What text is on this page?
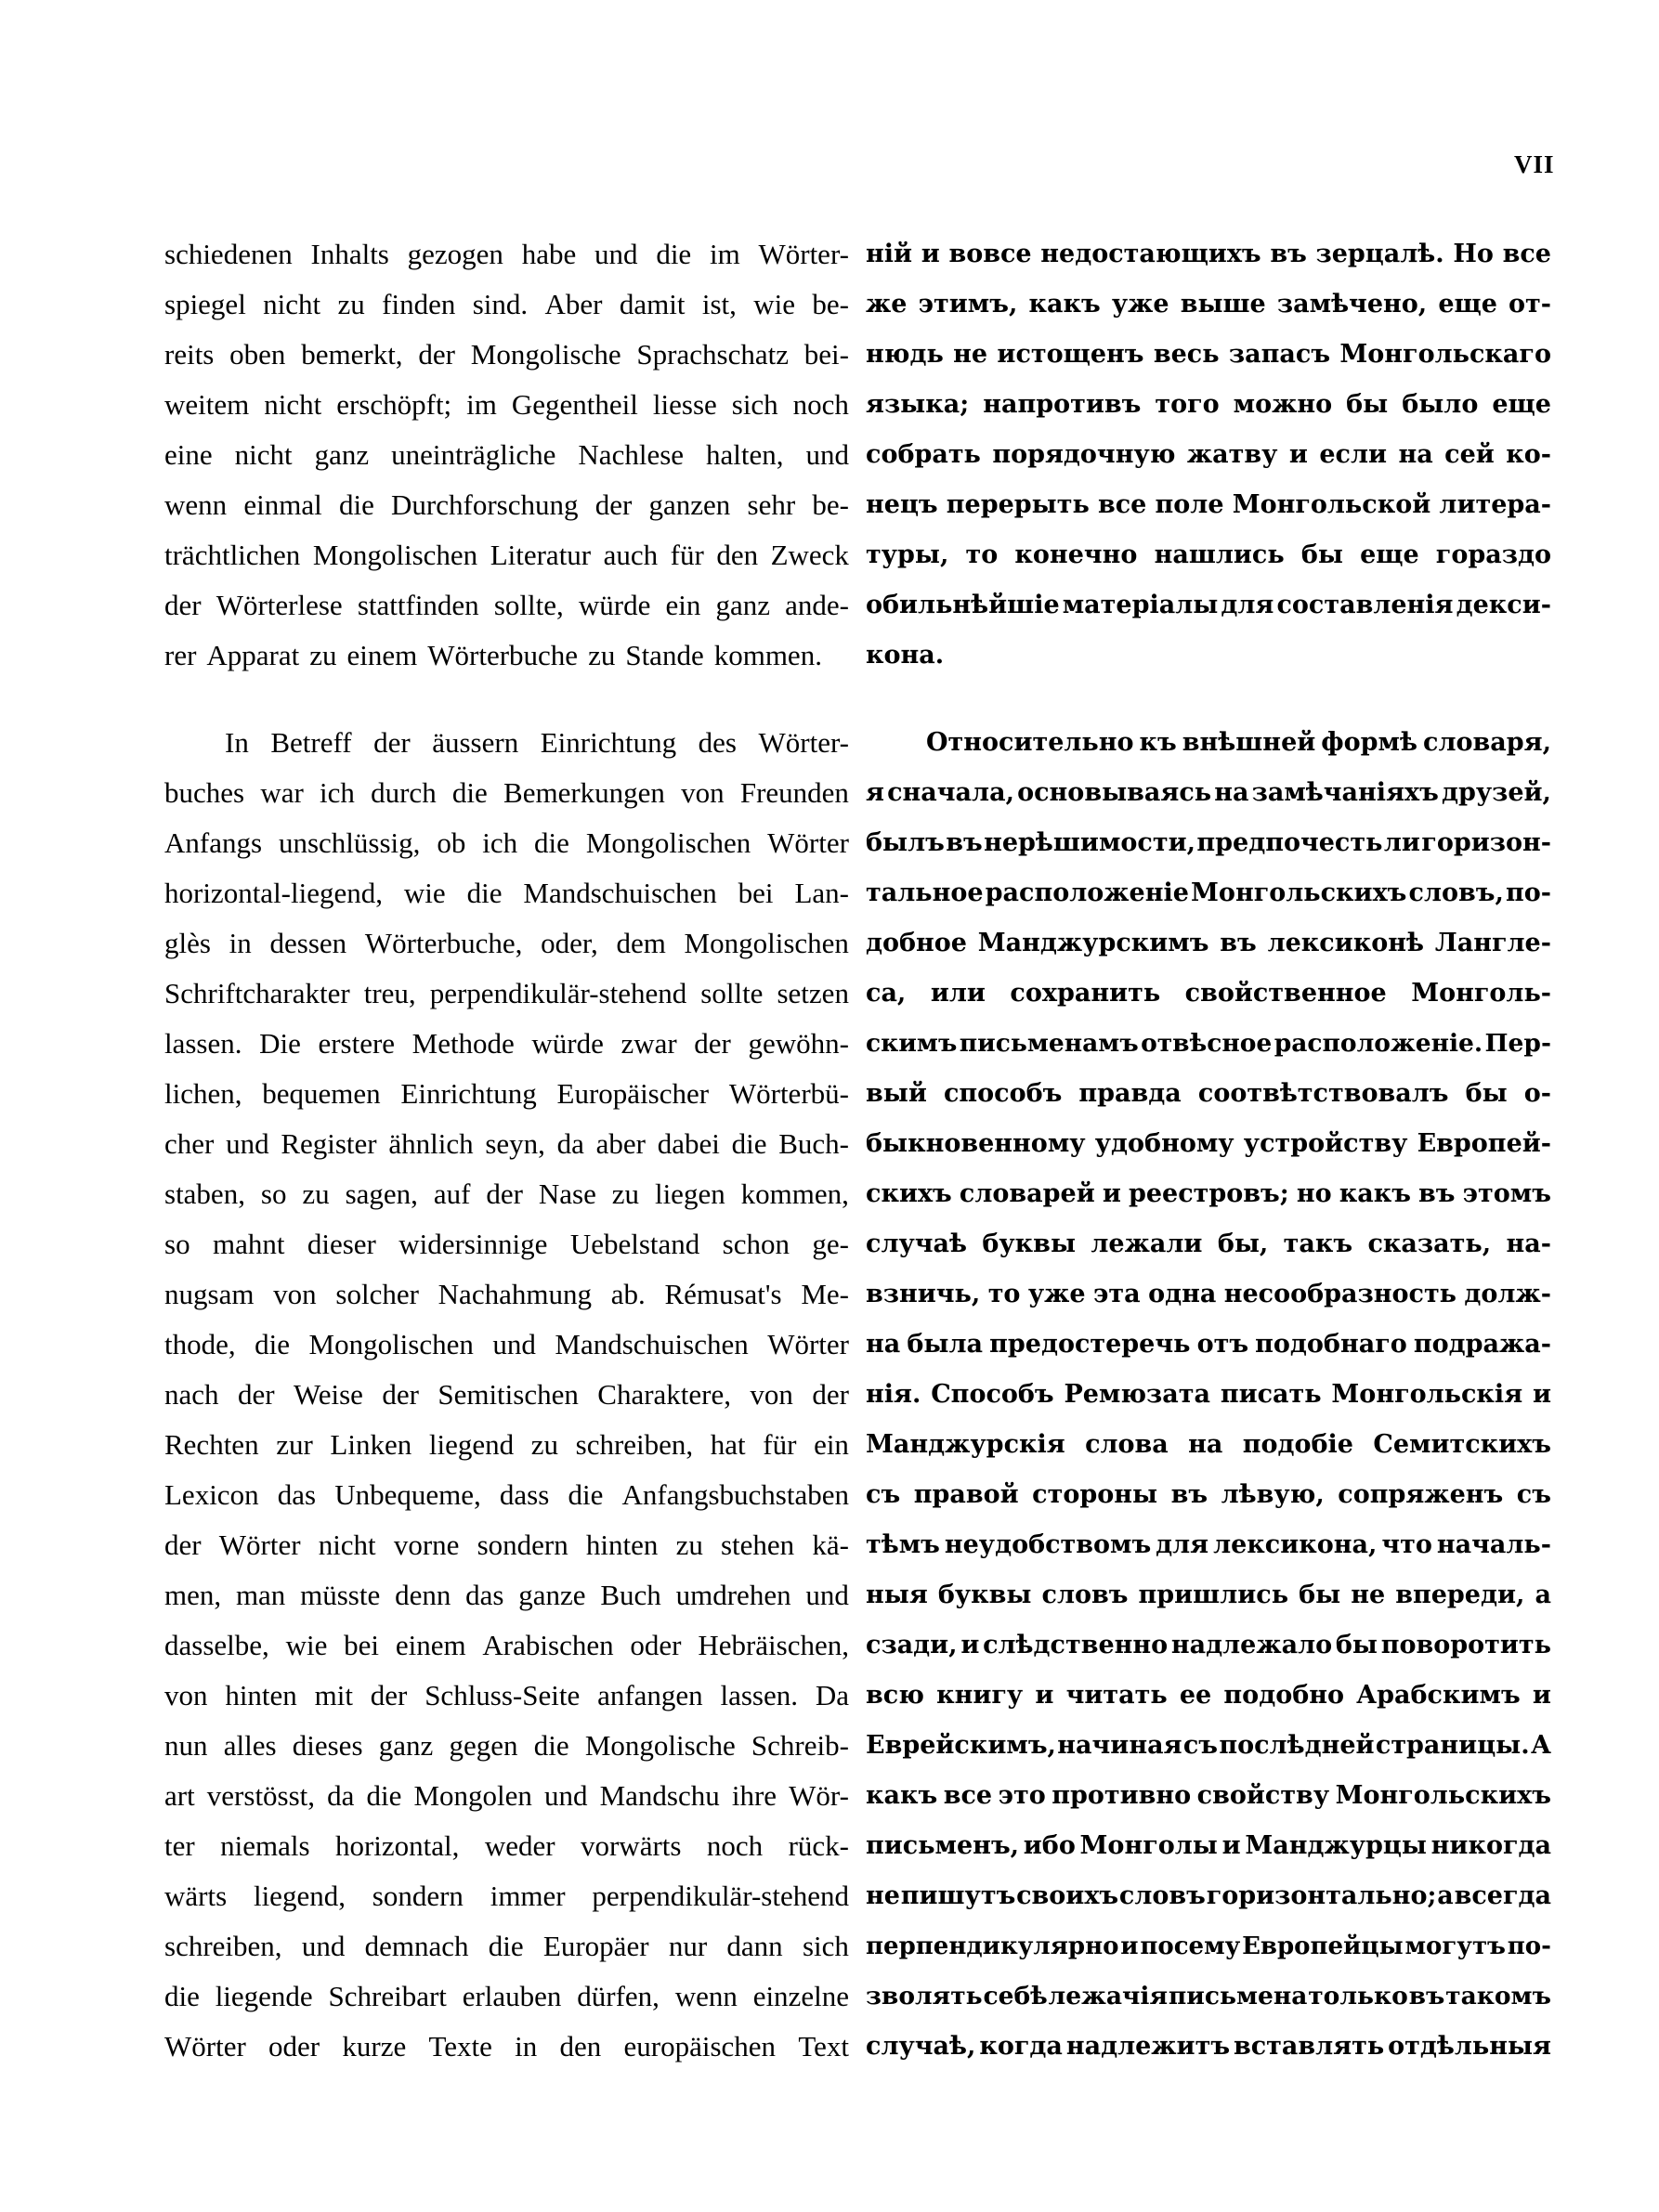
VII
schiedenen Inhalts gezogen habe und die im Wörter-
spiegel nicht zu finden sind. Aber damit ist, wie be-
reits oben bemerkt, der Mongolische Sprachschatz bei-
weitem nicht erschöpft; im Gegentheil liesse sich noch
eine nicht ganz uneinträgliche Nachlese halten, und
wenn einmal die Durchforschung der ganzen sehr be-
trächtlichen Mongolischen Literatur auch für den Zweck
der Wörterlese stattfinden sollte, würde ein ganz ande-
rer Apparat zu einem Wörterbuche zu Stande kommen.
In Betreff der äussern Einrichtung des Wörter-
buches war ich durch die Bemerkungen von Freunden
Anfangs unschlüssig, ob ich die Mongolischen Wörter
horizontal-liegend, wie die Mandschuischen bei Lan-
glès in dessen Wörterbuche, oder, dem Mongolischen
Schriftcharakter treu, perpendikulär-stehend sollte setzen
lassen. Die erstere Methode würde zwar der gewöhn-
lichen, bequemen Einrichtung Europäischer Wörterbü-
cher und Register ähnlich seyn, da aber dabei die Buch-
staben, so zu sagen, auf der Nase zu liegen kommen,
so mahnt dieser widersinnige Uebelstand schon ge-
nugsam von solcher Nachahmung ab. Rémusat's Me-
thode, die Mongolischen und Mandschuischen Wörter
nach der Weise der Semitischen Charaktere, von der
Rechten zur Linken liegend zu schreiben, hat für ein
Lexicon das Unbequeme, dass die Anfangsbuchstaben
der Wörter nicht vorne sondern hinten zu stehen kä-
men, man müsste denn das ganze Buch umdrehen und
dasselbe, wie bei einem Arabischen oder Hebräischen,
von hinten mit der Schluss-Seite anfangen lassen. Da
nun alles dieses ganz gegen die Mongolische Schreib-
art verstösst, da die Mongolen und Mandschu ihre Wör-
ter niemals horizontal, weder vorwärts noch rück-
wärts liegend, sondern immer perpendikulär-stehend
schreiben, und demnach die Europäer nur dann sich
die liegende Schreibart erlauben dürfen, wenn einzelne
Wörter oder kurze Texte in den europäischen Text
ній и вовсе недостающихъ въ зерцалѣ. Но все
же этимъ, какъ уже выше замѣчено, еще от-
нюдь не истощенъ весь запасъ Монгольскаго
языка; напротивъ того можно бы было еще
собрать порядочную жатву и если на сей ко-
нецъ перерыть все поле Монгольской литера-
туры, то конечно нашлись бы еще гораздо
обильнѣйшіе матеріалы для составленія декси-
кона.
Относительно къ внѣшней формѣ словаря,
я сначала, основываясь на замѣчаніяхъ друзей,
былъ въ нерѣшимости, предпочесть ли горизон-
тальное расположеніе Монгольскихъ словъ, по-
добное Манджурскимъ въ лексиконѣ Лангле-
са, или сохранить свойственное Монголь-
скимъ письменамъ отвѣсное расположеніе. Пер-
вый способъ правда соотвѣтствовалъ бы о-
быкновенному удобному устройству Европей-
скихъ словарей и реестровъ; но какъ въ этомъ
случаѣ буквы лежали бы, такъ сказать, на-
взничь, то уже эта одна несообразность долж-
на была предостеречь отъ подобнаго подража-
нія. Способъ Ремюзата писать Монгольскія и
Манджурскія слова на подобіе Семитскихъ
съ правой стороны въ лѣвую, сопряженъ съ
тѣмъ неудобствомъ для лексикона, что началь-
ныя буквы словъ пришлись бы не впереди, а
сзади, и слѣдственно надлежало бы поворотить
всю книгу и читать ее подобно Арабскимъ и
Еврейскимъ, начиная съ послѣдней страницы. А
какъ все это противно свойству Монгольскихъ
письменъ, ибо Монголы и Манджурцы никогда
не пишутъ своихъ словъ горизонтально; а всегда
перпендикулярно и посему Европейцы могутъ по-
зволять себѣ лежачія письмена только въ такомъ
случаѣ, когда надлежитъ вставлять отдѣльныя
